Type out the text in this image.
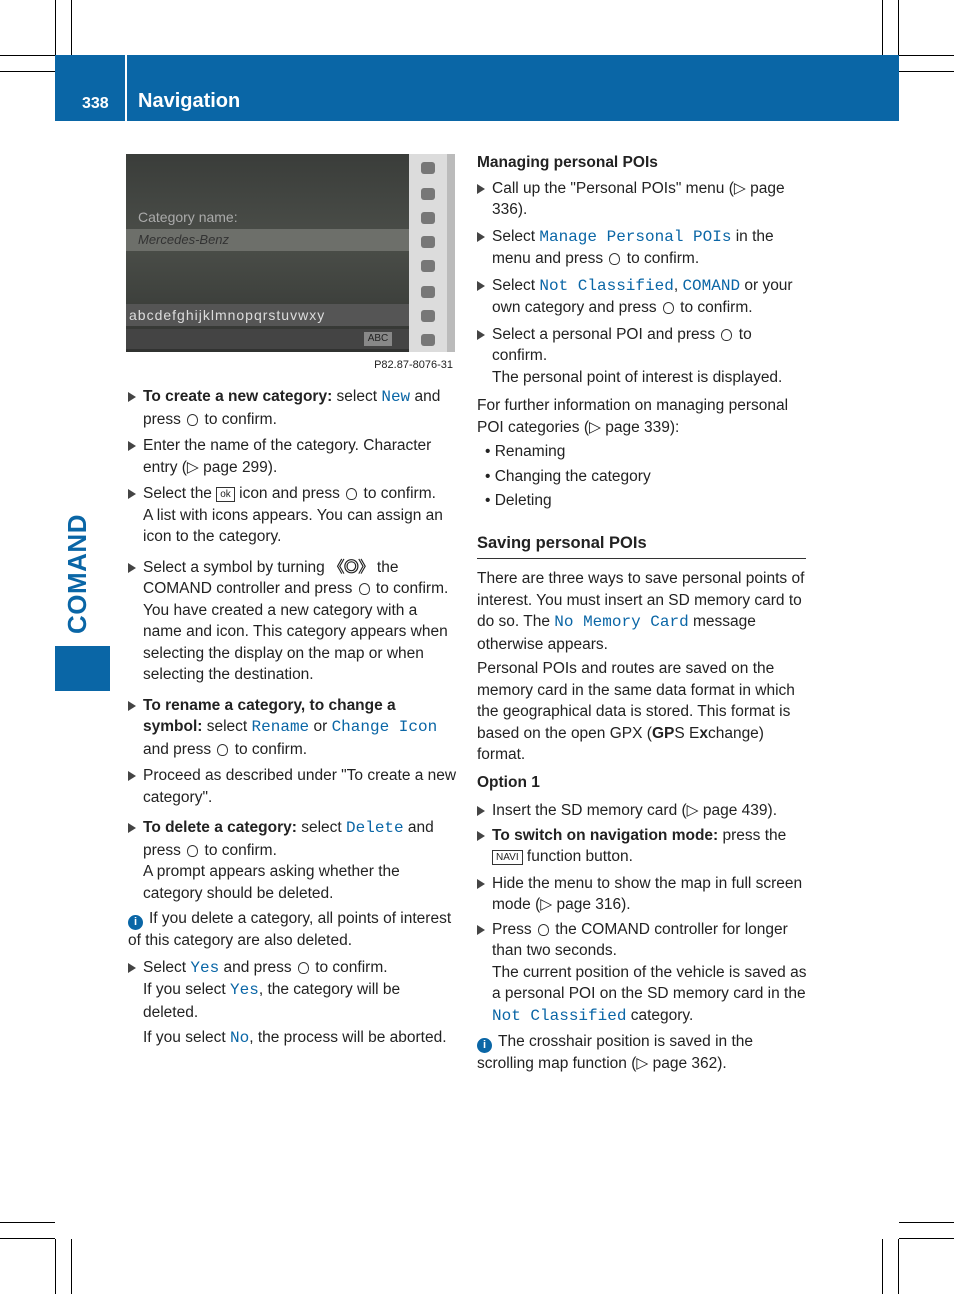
338 Navigation
COMAND
Category name:
Mercedes-Benz
abcdefghijklmnopqrstuvwxy
ABC
P82.87-8076-31

To create a new category: select New and press  to confirm.

Enter the name of the category. Character entry (▷ page 299).

Select the ok icon and press  to confirm.
A list with icons appears. You can assign an icon to the category.

Select a symbol by turning 《◎》 the COMAND controller and press  to confirm.
You have created a new category with a name and icon. This category appears when selecting the display on the map or when selecting the destination.

To rename a category, to change a symbol: select Rename or Change Icon and press  to confirm.

Proceed as described under "To create a new category".

To delete a category: select Delete and press  to confirm.
A prompt appears asking whether the category should be deleted.

i If you delete a category, all points of interest of this category are also deleted.

Select Yes and press  to confirm.
If you select Yes, the category will be deleted.

If you select No, the process will be aborted.

Managing personal POIs

Call up the "Personal POIs" menu (▷ page 336).

Select Manage Personal POIs in the menu and press  to confirm.

Select Not Classified, COMAND or your own category and press  to confirm.

Select a personal POI and press  to confirm.
The personal point of interest is displayed.

For further information on managing personal POI categories (▷ page 339):

• Renaming

• Changing the category

• Deleting

Saving personal POIs

There are three ways to save personal points of interest. You must insert an SD memory card to do so. The No Memory Card message otherwise appears.

Personal POIs and routes are saved on the memory card in the same data format in which the geographical data is stored. This format is based on the open GPX (GPS Exchange) format.

Option 1

Insert the SD memory card (▷ page 439).

To switch on navigation mode: press the
NAVI function button.

Hide the menu to show the map in full screen mode (▷ page 316).

Press  the COMAND controller for longer than two seconds.
The current position of the vehicle is saved as a personal POI on the SD memory card in the Not Classified category.

i The crosshair position is saved in the scrolling map function (▷ page 362).
